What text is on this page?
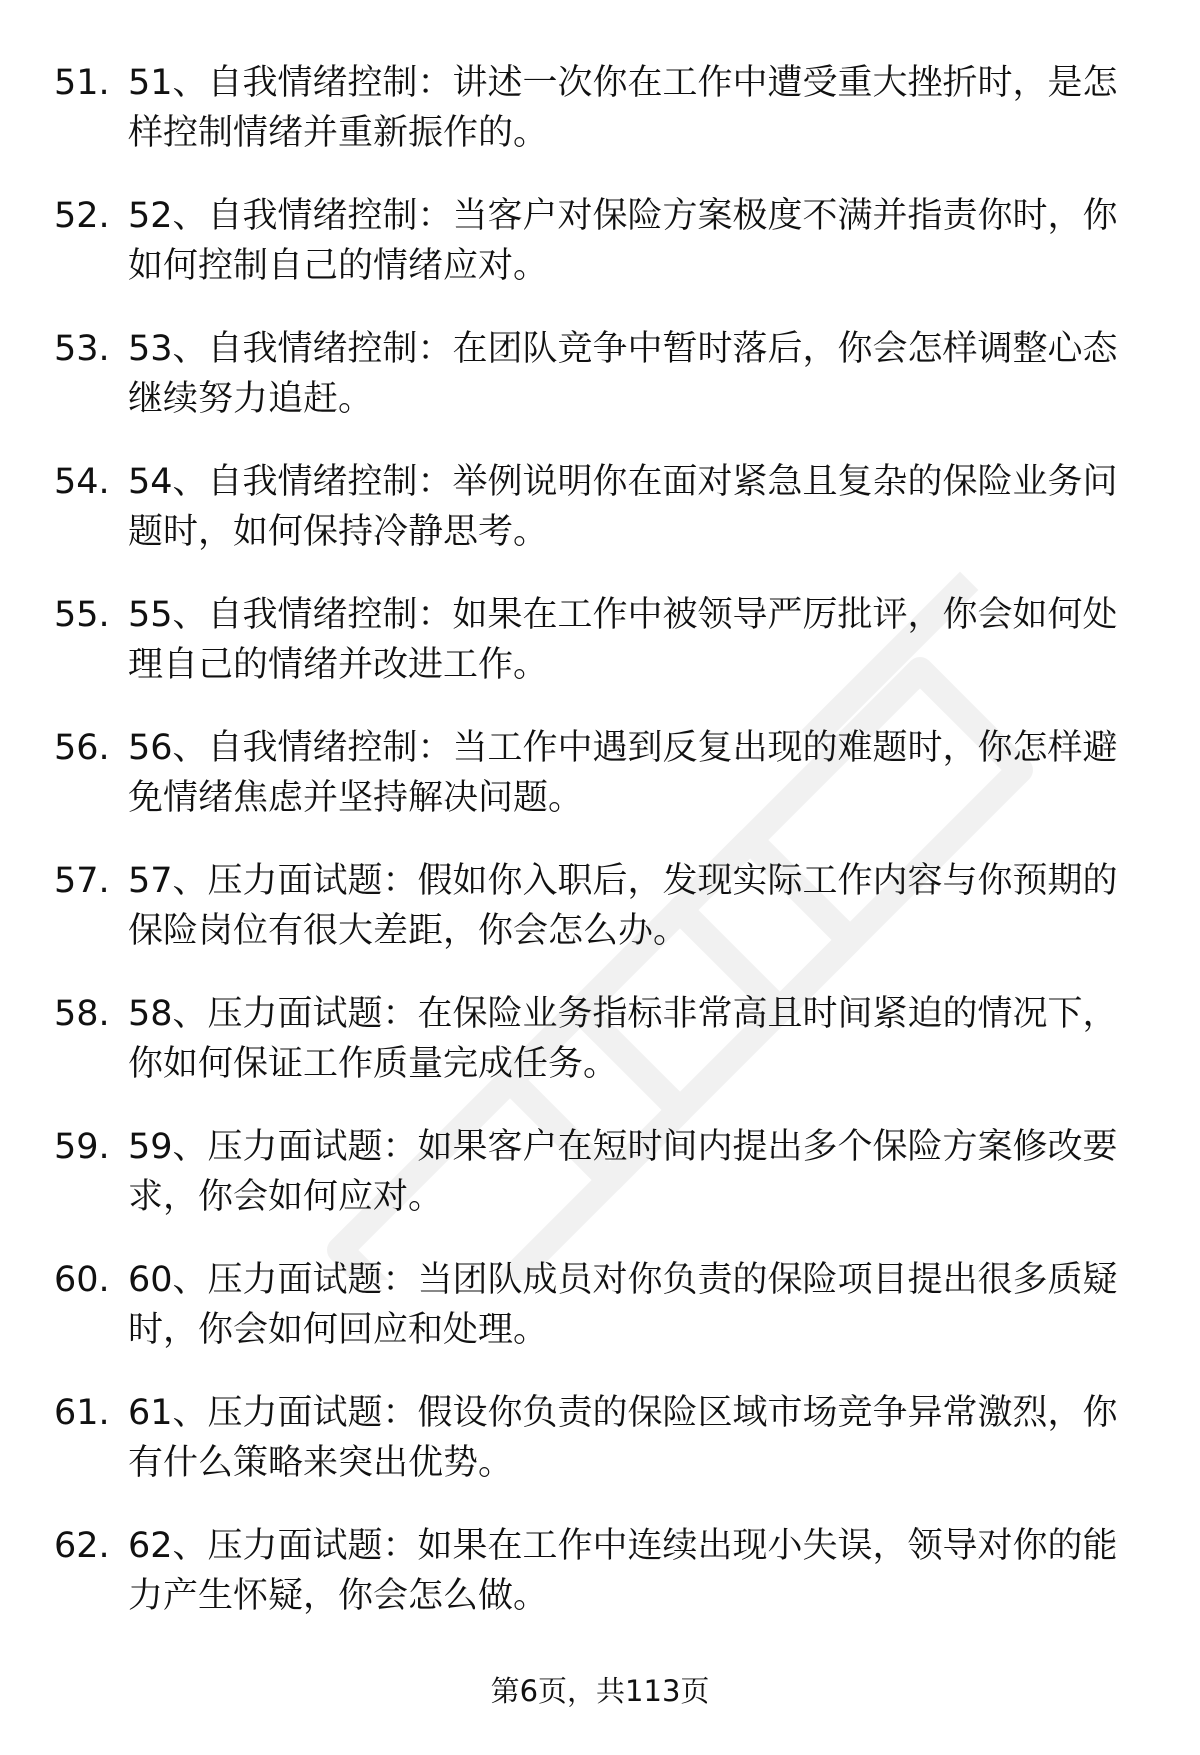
51. 51、自我情绪控制：讲述一次你在工作中遭受重大挫折时，是怎样控制情绪并重新振作的。
52. 52、自我情绪控制：当客户对保险方案极度不满并指责你时，你如何控制自己的情绪应对。
53. 53、自我情绪控制：在团队竞争中暂时落后，你会怎样调整心态继续努力追赶。
54. 54、自我情绪控制：举例说明你在面对紧急且复杂的保险业务问题时，如何保持冷静思考。
55. 55、自我情绪控制：如果在工作中被领导严厉批评，你会如何处理自己的情绪并改进工作。
56. 56、自我情绪控制：当工作中遇到反复出现的难题时，你怎样避免情绪焦虑并坚持解决问题。
57. 57、压力面试题：假如你入职后，发现实际工作内容与你预期的保险岗位有很大差距，你会怎么办。
58. 58、压力面试题：在保险业务指标非常高且时间紧迫的情况下，你如何保证工作质量完成任务。
59. 59、压力面试题：如果客户在短时间内提出多个保险方案修改要求，你会如何应对。
60. 60、压力面试题：当团队成员对你负责的保险项目提出很多质疑时，你会如何回应和处理。
61. 61、压力面试题：假设你负责的保险区域市场竞争异常激烈，你有什么策略来突出优势。
62. 62、压力面试题：如果在工作中连续出现小失误，领导对你的能力产生怀疑，你会怎么做。
第6页，共113页
